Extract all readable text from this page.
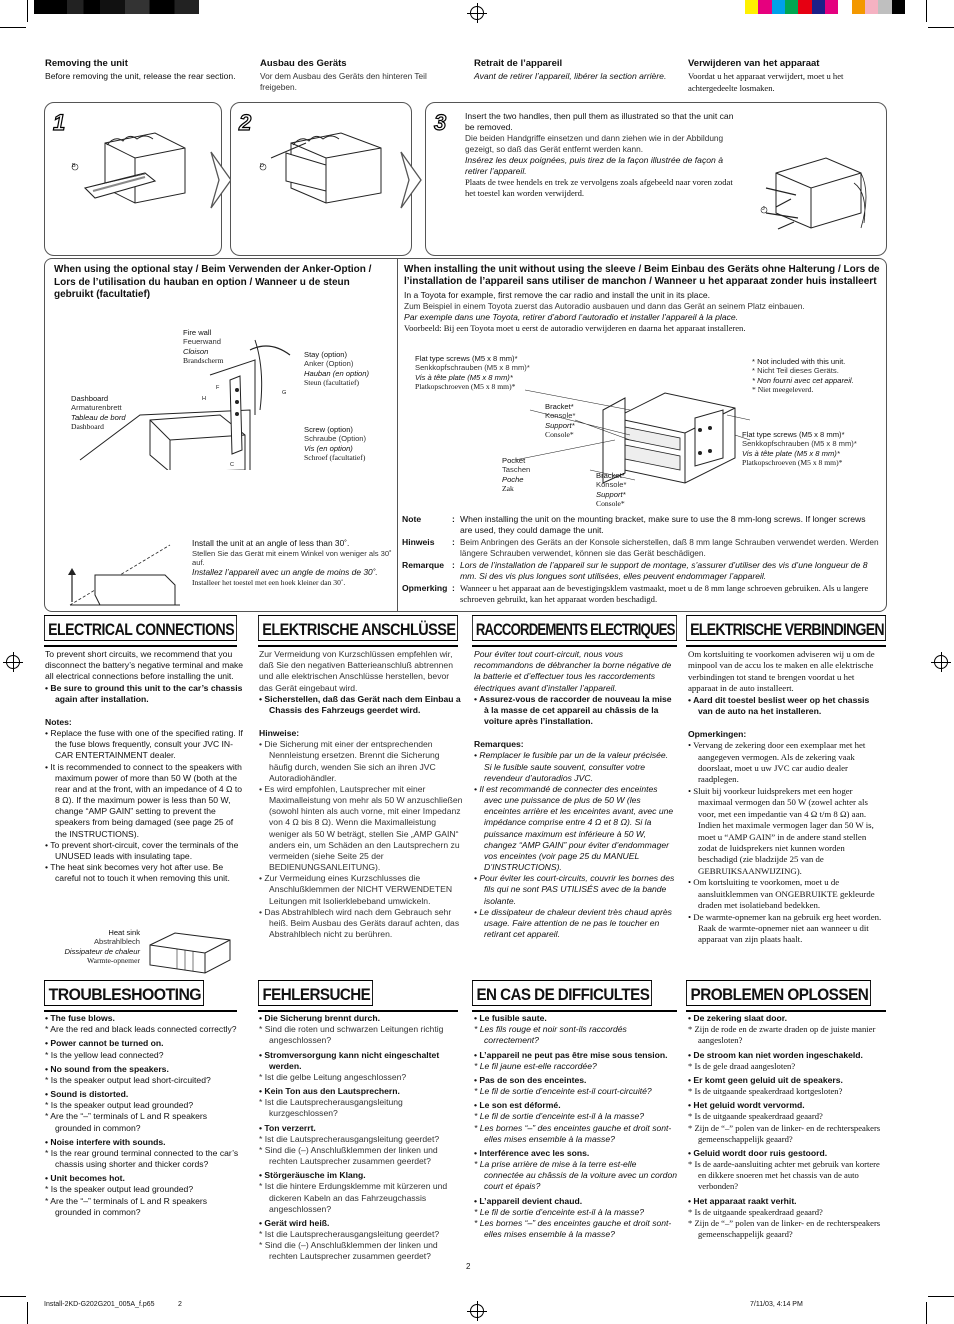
Removing the unit
Before removing the unit, release the rear section.
Ausbau des Geräts
Vor dem Ausbau des Geräts den hinteren Teil freigeben.
Retrait de l’appareil
Avant de retirer l’appareil, libérer la section arrière.
Verwijderen van het apparaat
Voordat u het apparaat verwijdert, moet u het achtergedeelte losmaken.
1
B
2
D
3 Insert the two handles, then pull them as illustrated so that the unit can be removed.

Die beiden Handgriffe einsetzen und dann ziehen wie in der Abbildung gezeigt, so daß das Gerät entfernt werden kann.

Insérez les deux poignées, puis tirez de la façon illustrée de façon à retirer l’appareil.

Plaats de twee hendels en trek ze vervolgens zoals afgebeeld naar voren zodat het toestel kan worden verwijderd.

J
When using the optional stay / Beim Verwenden der Anker-Option / Lors de l’utilisation du hauban en option / Wanneer u de steun gebruikt (facultatief)
Fire wall
Feuerwand
Cloison
Brandscherm
Stay (option)
Anker (Option)
Hauban (en option)
Steun (facultatief)
Dashboard
Armaturenbrett
Tableau de bord
Dashboard	Screw (option)
Schraube (Option)
Vis (en option)
Schroef (facultatief)
F
H
G
C
Install the unit at an angle of less than 30˚.
Stellen Sie das Gerät mit einem Winkel von weniger als 30˚ auf.
Installez l’appareil avec un angle de moins de 30˚.
Installeer het toestel met een hoek kleiner dan 30˚.

When installing the unit without using the sleeve / Beim Einbau des Geräts ohne Halterung / Lors de l’installation de l’appareil sans utiliser de manchon / Wanneer u het apparaat zonder huis installeert

In a Toyota for example, first remove the car radio and install the unit in its place.

Zum Beispiel in einem Toyota zuerst das Autoradio ausbauen und dann das Gerät an seinem Platz einbauen.

Par exemple dans une Toyota, retirer d’abord l’autoradio et installer l’appareil à la place.

Voorbeeld: Bij een Toyota moet u eerst de autoradio verwijderen en daarna het apparaat installeren.

Flat type screws (M5 x 8 mm)*
Senkkopfschrauben (M5 x 8 mm)*
Vis à tête plate (M5 x 8 mm)*
Platkopschroeven (M5 x 8 mm)*
* Not included with this unit.
* Nicht Teil dieses Geräts.
* Non fourni avec cet appareil.
* Niet meegeleverd.
Bracket*
Konsole*
Support*
Console*	Flat type screws (M5 x 8 mm)*
Senkkopfschrauben (M5 x 8 mm)*
Vis à tête plate (M5 x 8 mm)*
Platkopschroeven (M5 x 8 mm)*
Pocket
Taschen
Poche
Zak
Bracket*
Konsole*
Support*
Console*
Note	: When installing the unit on the mounting bracket, make sure to use the 8 mm-long screws. If longer screws are used, they could damage the unit.
Hinweis	: Beim Anbringen des Geräts an der Konsole sicherstellen, daß 8 mm lange Schrauben verwendet werden. Werden längere Schrauben verwendet, können sie das Gerät beschädigen.
Remarque : Lors de l’installation de l’appareil sur le support de montage, s’assurer d’utiliser des vis d’une longueur de 8 mm. Si des vis plus longues sont utilisées, elles peuvent endommager l’appareil.
Opmerking : Wanneer u het apparaat aan de bevestigingsklem vastmaakt, moet u de 8 mm lange schroeven gebruiken. Als u langere schroeven gebruikt, kan het apparaat worden beschadigd.
ELECTRICAL CONNECTIONS ELEKTRISCHE ANSCHLÜSSE RACCORDEMENTS ELECTRIQUES ELEKTRISCHE VERBINDINGEN

To prevent short circuits, we recommend that you disconnect the battery’s negative terminal and make all electrical connections before installing the unit.

• Be sure to ground this unit to the car’s chassis again after installation.

Notes:

• Replace the fuse with one of the specified rating. If the fuse blows frequently, consult your JVC IN-CAR ENTERTAINMENT dealer.

• It is recommended to connect to the speakers with maximum power of more than 50 W (both at the rear and at the front, with an impedance of 4 Ω to 8 Ω). If the maximum power is less than 50 W, change “AMP GAIN” setting to prevent the speakers from being damaged (see page 25 of the INSTRUCTIONS).

• To prevent short-circuit, cover the terminals of the UNUSED leads with insulating tape.

• The heat sink becomes very hot after use. Be careful not to touch it when removing this unit.

Heat sink
Abstrahlblech
Dissipateur de chaleur
Warmte-opnemer

Zur Vermeidung von Kurzschlüssen empfehlen wir, daß Sie den negativen Batterieanschluß abtrennen und alle elektrischen Anschlüsse herstellen, bevor das Gerät eingebaut wird.

• Sicherstellen, daß das Gerät nach dem Einbau a Chassis des Fahrzeugs geerdet wird.

Hinweise:

• Die Sicherung mit einer der entsprechenden Nennleistung ersetzen. Brennt die Sicherung häufig durch, wenden Sie sich an ihren JVC Autoradiohändler.

• Es wird empfohlen, Lautsprecher mit einer Maximalleistung von mehr als 50 W anzuschließen (sowohl hinten als auch vorne, mit einer Impedanz von 4 Ω bis 8 Ω). Wenn die Maximalleistung weniger als 50 W beträgt, stellen Sie „AMP GAIN“ anders ein, um Schäden an den Lautsprechern zu vermeiden (siehe Seite 25 der BEDIENUNGSANLEITUNG).

• Zur Vermeidung eines Kurzschlusses die Anschlußklemmen der NICHT VERWENDETEN Leitungen mit Isolierklebeband umwickeln.

• Das Abstrahlblech wird nach dem Gebrauch sehr heiß. Beim Ausbau des Geräts darauf achten, das Abstrahlblech nicht zu berühren.

Pour éviter tout court-circuit, nous vous recommandons de débrancher la borne négative de la batterie et d’effectuer tous les raccordements électriques avant d’installer l’appareil.

• Assurez-vous de raccorder de nouveau la mise à la masse de cet appareil au châssis de la voiture après l’installation.

Remarques:

• Remplacer le fusible par un de la valeur précisée. Si le fusible saute souvent, consulter votre revendeur d’autoradios JVC.

• Il est recommandé de connecter des enceintes avec une puissance de plus de 50 W (les enceintes arrière et les enceintes avant, avec une impédance comprise entre 4 Ω et 8 Ω). Si la puissance maximum est inférieure à 50 W, changez “AMP GAIN” pour éviter d’endommager vos enceintes (voir page 25 du MANUEL D’INSTRUCTIONS).

• Pour éviter les court-circuits, couvrir les bornes des fils qui ne sont PAS UTILISÉS avec de la bande isolante.

• Le dissipateur de chaleur devient très chaud après usage. Faire attention de ne pas le toucher en retirant cet appareil.

Om kortsluiting te voorkomen adviseren wij u om de minpool van de accu los te maken en alle elektrische verbindingen tot stand te brengen voordat u het apparaat in de auto installeert.

• Aard dit toestel beslist weer op het chassis van de auto na het installeren.

Opmerkingen:

• Vervang de zekering door een exemplaar met het aangegeven vermogen. Als de zekering vaak doorslaat, moet u uw JVC car audio dealer raadplegen.

• Sluit bij voorkeur luidsprekers met een hoger maximaal vermogen dan 50 W (zowel achter als voor, met een impedantie van 4 Ω t/m 8 Ω) aan. Indien het maximale vermogen lager dan 50 W is, moet u “AMP GAIN” in de andere stand stellen zodat de luidsprekers niet kunnen worden beschadigd (zie bladzijde 25 van de GEBRUIKSAANWIJZING).

• Om kortsluiting te voorkomen, moet u de aansluitklemmen van ONGEBRUIKTE gekleurde draden met isolatieband bedekken.

• De warmte-opnemer kan na gebruik erg heet worden. Raak de warmte-opnemer niet aan wanneer u dit apparaat van zijn plaats haalt.

TROUBLESHOOTING	FEHLERSUCHE	EN CAS DE DIFFICULTES PROBLEMEN OPLOSSEN

• The fuse blows.

* Are the red and black leads connected correctly?

• Power cannot be turned on.

* Is the yellow lead connected?

• No sound from the speakers.

* Is the speaker output lead short-circuited?

• Sound is distorted.

* Is the speaker output lead grounded?

* Are the “–” terminals of L and R speakers grounded in common?

• Noise interfere with sounds.

* Is the rear ground terminal connected to the car’s chassis using shorter and thicker cords?

• Unit becomes hot.

* Is the speaker output lead grounded?

* Are the “–” terminals of L and R speakers grounded in common?

• Die Sicherung brennt durch.

* Sind die roten und schwarzen Leitungen richtig angeschlossen?

• Stromversorgung kann nicht eingeschaltet werden.

* Ist die gelbe Leitung angeschlossen?

• Kein Ton aus den Lautsprechern.

* Ist die Lautsprecherausgangsleitung kurzgeschlossen?

• Ton verzerrt.

* Ist die Lautsprecherausgangsleitung geerdet?

* Sind die (–) Anschlußklemmen der linken und rechten Lautsprecher zusammen geerdet?

• Störgeräusche im Klang.

* Ist die hintere Erdungsklemme mit kürzeren und dickeren Kabeln an das Fahrzeugchassis angeschlossen?

• Gerät wird heiß.

* Ist die Lautsprecherausgangsleitung geerdet?

* Sind die (–) Anschlußklemmen der linken und rechten Lautsprecher zusammen geerdet?

• Le fusible saute.

* Les fils rouge et noir sont-ils raccordés correctement?

• L’appareil ne peut pas être mise sous tension.

* Le fil jaune est-elle raccordée?

• Pas de son des enceintes.

* Le fil de sortie d’enceinte est-il court-circuité?

• Le son est déformé.

* Le fil de sortie d’enceinte est-il à la masse?

* Les bornes “–” des enceintes gauche et droit sont-elles mises ensemble à la masse?

• Interférence avec les sons.

* La prise arrière de mise à la terre est-elle connectée au châssis de la voiture avec un cordon court et épais?

• L’appareil devient chaud.

* Le fil de sortie d’enceinte est-il à la masse?

* Les bornes “–” des enceintes gauche et droit sont-elles mises ensemble à la masse?

• De zekering slaat door.

* Zijn de rode en de zwarte draden op de juiste manier aangesloten?

• De stroom kan niet worden ingeschakeld.

* Is de gele draad aangesloten?

• Er komt geen geluid uit de speakers.

* Is de uitgaande speakerdraad kortgesloten?

• Het geluid wordt vervormd.

* Is de uitgaande speakerdraad geaard?

* Zijn de “–” polen van de linker- en de rechterspeakers gemeenschappelijk geaard?

• Geluid wordt door ruis gestoord.

* Is de aarde-aansluiting achter met gebruik van kortere en dikkere snoeren met het chassis van de auto verbonden?

• Het apparaat raakt verhit.

* Is de uitgaande speakerdraad geaard?

* Zijn de “–” polen van de linker- en de rechterspeakers gemeenschappelijk geaard?

2
Install-2KD-G202G201_005A_f.p65	2	7/11/03, 4:14 PM
